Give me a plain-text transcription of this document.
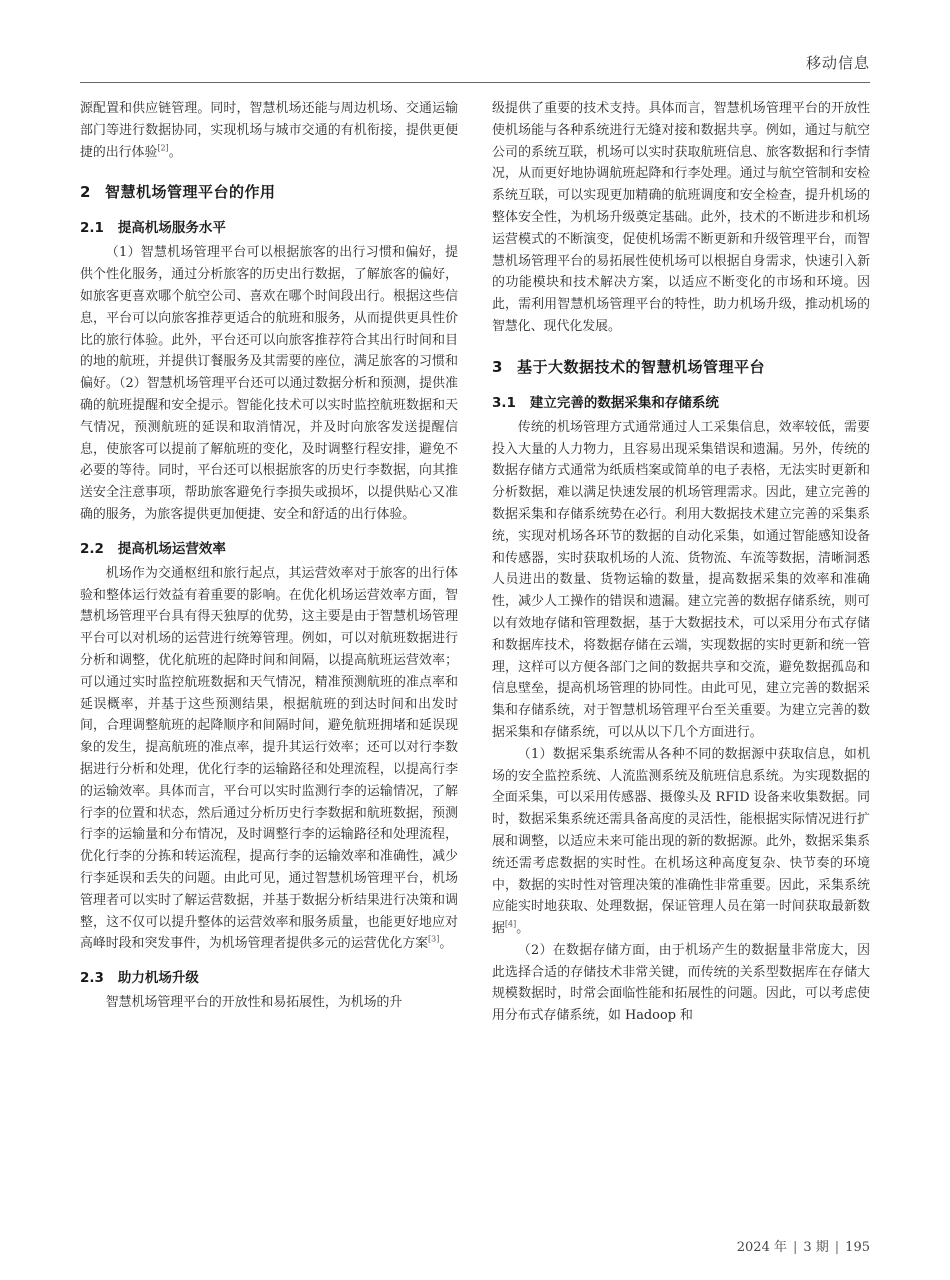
移动信息

源配置和供应链管理。同时，智慧机场还能与周边机场、交通运输部门等进行数据协同，实现机场与城市交通的有机衔接，提供更便捷的出行体验[2]。

2 智慧机场管理平台的作用
2.1 提高机场服务水平

（1）智慧机场管理平台可以根据旅客的出行习惯和偏好，提供个性化服务，通过分析旅客的历史出行数据，了解旅客的偏好，如旅客更喜欢哪个航空公司、喜欢在哪个时间段出行。根据这些信息，平台可以向旅客推荐更适合的航班和服务，从而提供更具性价比的旅行体验。此外，平台还可以向旅客推荐符合其出行时间和目的地的航班，并提供订餐服务及其需要的座位，满足旅客的习惯和偏好。（2）智慧机场管理平台还可以通过数据分析和预测，提供准确的航班提醒和安全提示。智能化技术可以实时监控航班数据和天气情况，预测航班的延误和取消情况，并及时向旅客发送提醒信息，使旅客可以提前了解航班的变化，及时调整行程安排，避免不必要的等待。同时，平台还可以根据旅客的历史行李数据，向其推送安全注意事项，帮助旅客避免行李损失或损坏，以提供贴心又准确的服务，为旅客提供更加便捷、安全和舒适的出行体验。

2.2 提高机场运营效率

机场作为交通枢纽和旅行起点，其运营效率对于旅客的出行体验和整体运行效益有着重要的影响。在优化机场运营效率方面，智慧机场管理平台具有得天独厚的优势，这主要是由于智慧机场管理平台可以对机场的运营进行统筹管理。例如，可以对航班数据进行分析和调整，优化航班的起降时间和间隔，以提高航班运营效率；可以通过实时监控航班数据和天气情况，精准预测航班的准点率和延误概率，并基于这些预测结果，根据航班的到达时间和出发时间，合理调整航班的起降顺序和间隔时间，避免航班拥堵和延误现象的发生，提高航班的准点率，提升其运行效率；还可以对行李数据进行分析和处理，优化行李的运输路径和处理流程，以提高行李的运输效率。具体而言，平台可以实时监测行李的运输情况，了解行李的位置和状态，然后通过分析历史行李数据和航班数据，预测行李的运输量和分布情况，及时调整行李的运输路径和处理流程，优化行李的分拣和转运流程，提高行李的运输效率和准确性，减少行李延误和丢失的问题。由此可见，通过智慧机场管理平台，机场管理者可以实时了解运营数据，并基于数据分析结果进行决策和调整，这不仅可以提升整体的运营效率和服务质量，也能更好地应对高峰时段和突发事件，为机场管理者提供多元的运营优化方案[3]。

2.3 助力机场升级

智慧机场管理平台的开放性和易拓展性，为机场的升

级提供了重要的技术支持。具体而言，智慧机场管理平台的开放性使机场能与各种系统进行无缝对接和数据共享。例如，通过与航空公司的系统互联，机场可以实时获取航班信息、旅客数据和行李情况，从而更好地协调航班起降和行李处理。通过与航空管制和安检系统互联，可以实现更加精确的航班调度和安全检查，提升机场的整体安全性，为机场升级奠定基础。此外，技术的不断进步和机场运营模式的不断演变，促使机场需不断更新和升级管理平台，而智慧机场管理平台的易拓展性使机场可以根据自身需求，快速引入新的功能模块和技术解决方案，以适应不断变化的市场和环境。因此，需利用智慧机场管理平台的特性，助力机场升级，推动机场的智慧化、现代化发展。

3 基于大数据技术的智慧机场管理平台
3.1 建立完善的数据采集和存储系统

传统的机场管理方式通常通过人工采集信息，效率较低，需要投入大量的人力物力，且容易出现采集错误和遗漏。另外，传统的数据存储方式通常为纸质档案或简单的电子表格，无法实时更新和分析数据，难以满足快速发展的机场管理需求。因此，建立完善的数据采集和存储系统势在必行。利用大数据技术建立完善的采集系统，实现对机场各环节的数据的自动化采集，如通过智能感知设备和传感器，实时获取机场的人流、货物流、车流等数据，清晰洞悉人员进出的数量、货物运输的数量，提高数据采集的效率和准确性，减少人工操作的错误和遗漏。建立完善的数据存储系统，则可以有效地存储和管理数据，基于大数据技术，可以采用分布式存储和数据库技术，将数据存储在云端，实现数据的实时更新和统一管理，这样可以方便各部门之间的数据共享和交流，避免数据孤岛和信息壁垒，提高机场管理的协同性。由此可见，建立完善的数据采集和存储系统，对于智慧机场管理平台至关重要。为建立完善的数据采集和存储系统，可以从以下几个方面进行。

（1）数据采集系统需从各种不同的数据源中获取信息，如机场的安全监控系统、人流监测系统及航班信息系统。为实现数据的全面采集，可以采用传感器、摄像头及 RFID 设备来收集数据。同时，数据采集系统还需具备高度的灵活性，能根据实际情况进行扩展和调整，以适应未来可能出现的新的数据源。此外，数据采集系统还需考虑数据的实时性。在机场这种高度复杂、快节奏的环境中，数据的实时性对管理决策的准确性非常重要。因此，采集系统应能实时地获取、处理数据，保证管理人员在第一时间获取最新数据[4]。

（2）在数据存储方面，由于机场产生的数据量非常庞大，因此选择合适的存储技术非常关键，而传统的关系型数据库在存储大规模数据时，时常会面临性能和拓展性的问题。因此，可以考虑使用分布式存储系统，如 Hadoop 和

2024 年 | 3 期 | 195
